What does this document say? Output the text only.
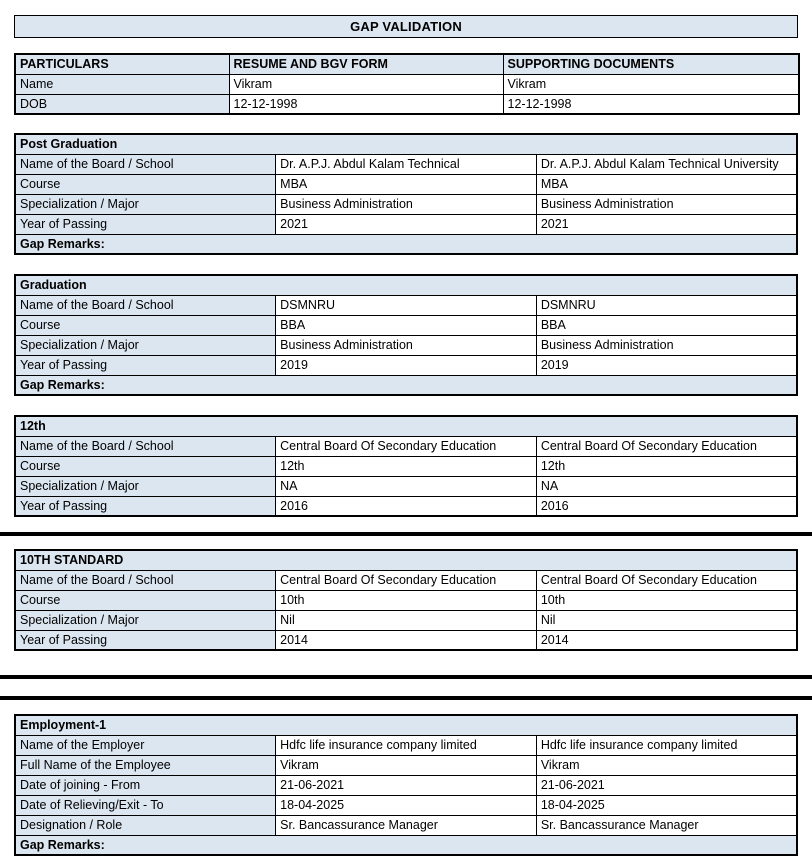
GAP VALIDATION
PARTICULARS	RESUME AND BGV FORM	SUPPORTING DOCUMENTS
Name	Vikram	Vikram
DOB	12-12-1998	12-12-1998
Post Graduation		
Name of the Board / School	Dr. A.P.J. Abdul Kalam Technical	Dr. A.P.J. Abdul Kalam Technical University
Course	MBA	MBA
Specialization / Major	Business Administration	Business Administration
Year of Passing	2021	2021
Gap Remarks:		
Graduation		
Name of the Board / School	DSMNRU	DSMNRU
Course	BBA	BBA
Specialization / Major	Business Administration	Business Administration
Year of Passing	2019	2019
Gap Remarks:		
12th		
Name of the Board / School	Central Board Of Secondary Education	Central Board Of Secondary Education
Course	12th	12th
Specialization / Major	NA	NA
Year of Passing	2016	2016
10TH STANDARD		
Name of the Board / School	Central Board Of Secondary Education	Central Board Of Secondary Education
Course	10th	10th
Specialization / Major	Nil	Nil
Year of Passing	2014	2014
Employment-1		
Name of the Employer	Hdfc life insurance company limited	Hdfc life insurance company limited
Full Name of the Employee	Vikram	Vikram
Date of joining - From	21-06-2021	21-06-2021
Date of Relieving/Exit - To	18-04-2025	18-04-2025
Designation / Role	Sr. Bancassurance Manager	Sr. Bancassurance Manager
Gap Remarks:		
